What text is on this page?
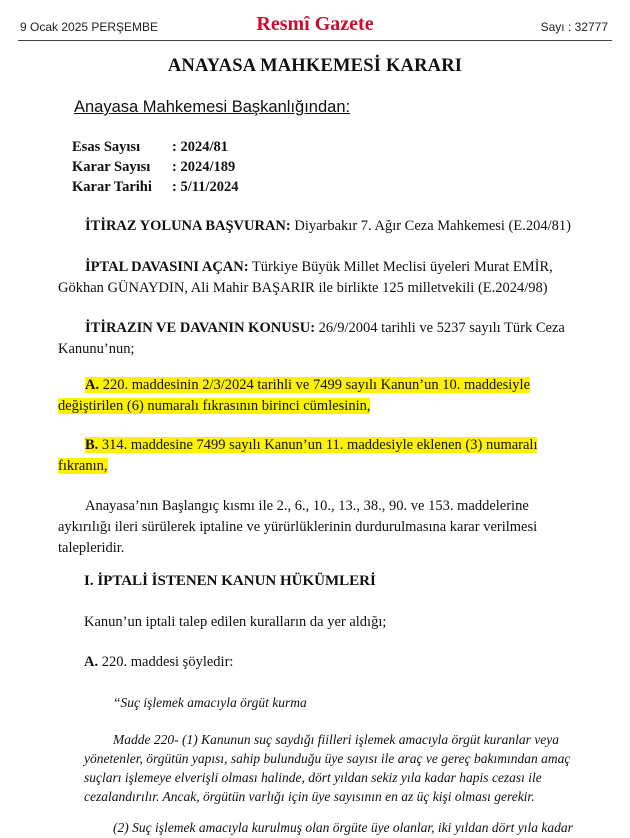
9 Ocak 2025 PERŞEMBE	Resmî Gazete	Sayı : 32777
ANAYASA MAHKEMESİ KARARI
Anayasa Mahkemesi Başkanlığından:
Esas Sayısı : 2024/81
Karar Sayısı : 2024/189
Karar Tarihi : 5/11/2024
İTİRAZ YOLUNA BAŞVURAN: Diyarbakır 7. Ağır Ceza Mahkemesi (E.204/81)
İPTAL DAVASINI AÇAN: Türkiye Büyük Millet Meclisi üyeleri Murat EMİR,
Gökhan GÜNAYDIN, Ali Mahir BAŞARIR ile birlikte 125 milletvekili (E.2024/98)
İTİRAZIN VE DAVANIN KONUSU: 26/9/2004 tarihli ve 5237 sayılı Türk Ceza
Kanunu’nun;
A. 220. maddesinin 2/3/2024 tarihli ve 7499 sayılı Kanun’un 10. maddesiyle
değiştirilen (6) numaralı fıkrasının birinci cümlesinin,
B. 314. maddesine 7499 sayılı Kanun’un 11. maddesiyle eklenen (3) numaralı
fıkranın,
Anayasa’nın Başlangıç kısmı ile 2., 6., 10., 13., 38., 90. ve 153. maddelerine
aykırılığı ileri sürülerek iptaline ve yürürlüklerinin durdurulmasına karar verilmesi
talepleridir.
I. İPTALİ İSTENEN KANUN HÜKÜMLERİ
Kanun’un iptali talep edilen kuralların da yer aldığı;
A. 220. maddesi şöyledir:
“Suç işlemek amacıyla örgüt kurma
Madde 220- (1) Kanunun suç saydığı fiilleri işlemek amacıyla örgüt kuranlar veya
yönetenler, örgütün yapısı, sahip bulunduğu üye sayısı ile araç ve gereç bakımından amaç
suçları işlemeye elverişli olması halinde, dört yıldan sekiz yıla kadar hapis cezası ile
cezalandırılır. Ancak, örgütün varlığı için üye sayısının en az üç kişi olması gerekir.
(2) Suç işlemek amacıyla kurulmuş olan örgüte üye olanlar, iki yıldan dört yıla kadar
